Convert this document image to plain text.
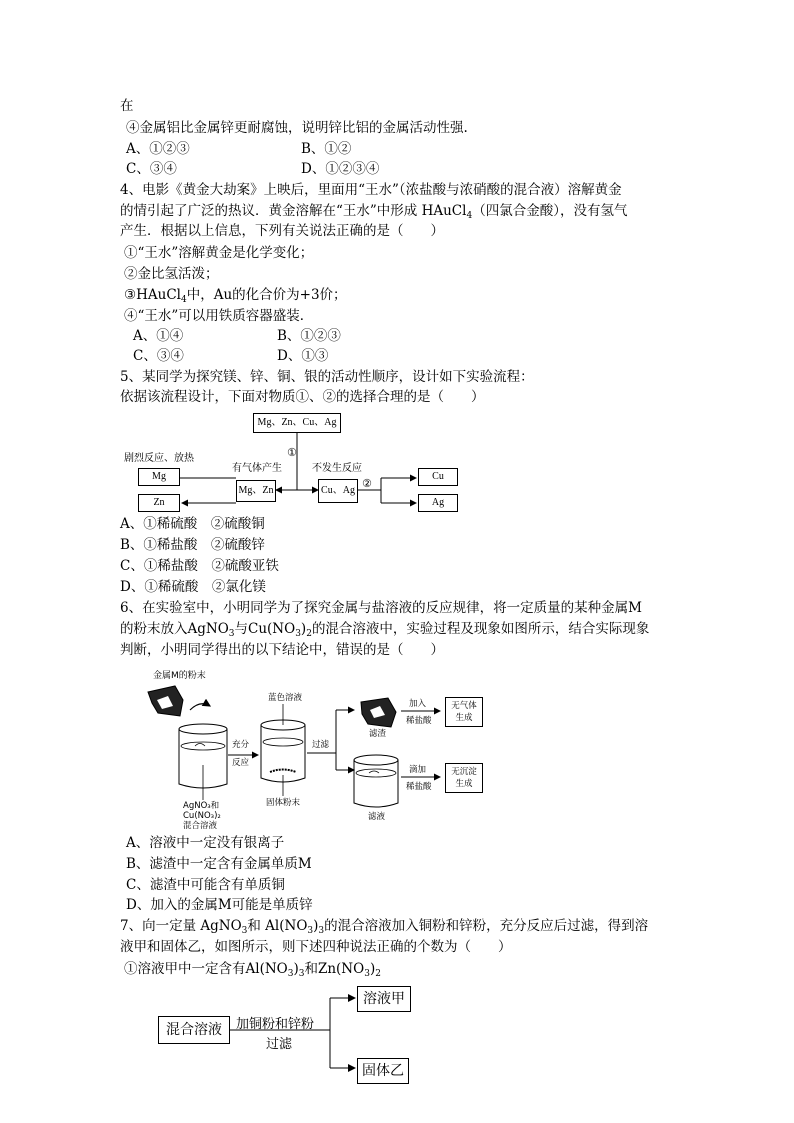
在
④金属铝比金属锌更耐腐蚀，说明锌比铝的金属活动性强.
A、①②③	B、①②
C、③④	D、①②③④
4、电影《黄金大劫案》上映后，里面用“王水”（浓盐酸与浓硝酸的混合液）溶解黄金
的情引起了广泛的热议．黄金溶解在“王水”中形成 HAuCl$_4$（四氯合金酸），没有氢气
产生．根据以上信息，下列有关说法正确的是（　　）
①“王水”溶解黄金是化学变化；
②金比氢活泼；
③HAuCl$_4$中，Au的化合价为+3价；
④“王水”可以用铁质容器盛装．
A、①④	B、①②③
C、③④	D、①③
5、某同学为探究镁、锌、铜、银的活动性顺序，设计如下实验流程：
依据该流程设计，下面对物质①、②的选择合理的是（　　）
Mg、Zn、Cu、Ag
①
有气体产生
Mg、Zn
剧烈反应、放热
Mg
Zn
不发生反应
Cu、Ag
②
Cu
Ag
A、①稀硫酸　②硫酸铜
B、①稀盐酸　②硫酸锌
C、①稀盐酸　②硫酸亚铁
D、①稀硫酸　②氯化镁
6、在实验室中，小明同学为了探究金属与盐溶液的反应规律，将一定质量的某种金属M
的粉末放入AgNO$_3$与$Cu(NO_3)_2$的混合溶液中，实验过程及现象如图所示，结合实际现象
判断，小明同学得出的以下结论中，错误的是（　　）
金属M的粉末
蓝色溶液
充分
反应
过滤
滤渣
加入
稀盐酸
无气体
生成
滴加
稀盐酸
无沉淀
生成
滤液
固体粉末
AgNO₃和
Cu(NO₃)₂
混合溶液
A、溶液中一定没有银离子
B、滤渣中一定含有金属单质M
C、滤渣中可能含有单质铜
D、加入的金属M可能是单质锌
7、向一定量 AgNO$_3$和 $Al(NO_3)_3$的混合溶液加入铜粉和锌粉，充分反应后过滤，得到溶
液甲和固体乙，如图所示，则下述四种说法正确的个数为（　　）
①溶液甲中一定含有$Al(NO_3)_3$和$Zn(NO_3)_2$
混合溶液	加铜粉和锌粉
过滤
溶液甲
固体乙
